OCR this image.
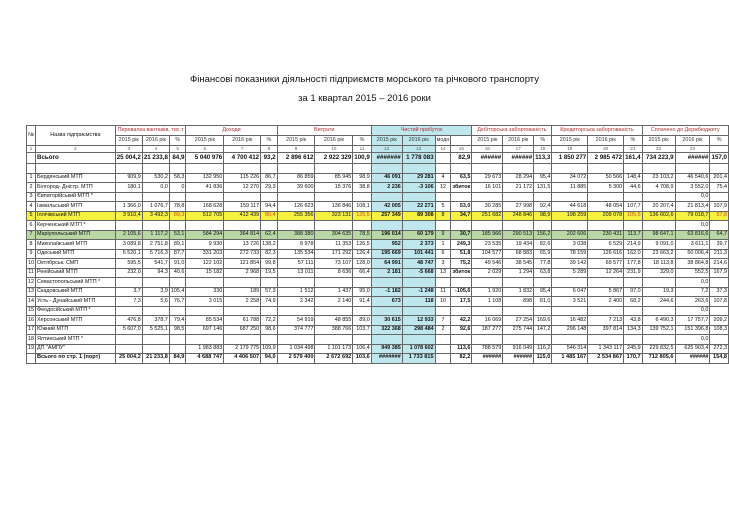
Фінансові показники діяльності підприємств морського та річкового транспорту
за 1 квартал 2015 – 2016 роки
№	Назва підприємства	Перевалка вантажів, тис.т			Доходи			Витрати			Чистий прибуток				Дебіторська заборгованість			Кредиторська заборгованість			Сплачено до Держбюджету		
		2015 рік	2016 рік	%	2015 рік	2016 рік	%	2015 рік	2016 рік	%	2015 рік	2016 рік	модн		2015 рік	2016 рік	%	2015 рік	2016 рік	%	2015 рік	2016 рік	%
1	2	3	4	5	6	7	8	9	10	11	12	13	14	15	16	17	18	19	20	21	22	23	
	Всього	25 004,2	21 233,8	84,9	5 040 976	4 700 412	93,2	2 896 612	2 922 329	100,9	#######	1 778 083		82,9	######	######	113,3	1 850 277	2 985 472	161,4	734 223,9	######	157,0

1	Бердянський МТП	909,9	530,2	58,3	132 950	115 226	86,7	86 859	85 945	98,9	46 091	29 281	4	63,5	29 673	28 294	95,4	34 072	50 566	148,4	23 103,2	46 540,6	201,4
2	Білгород- Дністр. МТП	180,1	0,0	0	41 836	12 270	29,3	39 600	15 376	38,8	2 236	-3 106	12	збиток	16 101	21 172	131,5	11 885	5 300	44,6	4 708,9	3 552,0	75,4
3	Євпаторійський МТП *																					0,0	
4	Ізмаїльський МТП	1 366,0	1 076,7	78,8	168 628	159 117	94,4	126 623	136 846	108,1	42 005	22 271	5	53,0	30 285	27 998	92,4	44 618	48 054	107,7	20 207,4	21 813,4	107,9
5	Іллічівський МТП	3 910,4	3 492,3	89,3	512 705	412 439	80,4	255 356	323 131	126,5	257 349	89 308	8	34,7	251 682	248 846	98,9	198 259	209 078	105,5	136 602,6	79 018,7	57,8
6	Керченський МТП *																					0,0	
7	Маріупольський МТП	2 105,6	1 117,2	53,1	584 294	364 814	62,4	388 380	304 635	78,5	196 014	60 179	9	30,7	185 966	290 513	156,2	202 606	230 431	113,7	98 647,1	63 816,6	64,7
8	Миколаївський МТП	3 089,8	2 751,8	89,1	9 930	13 726	138,2	8 978	11 353	126,5	952	2 373	1	249,3	23 535	19 434	82,6	3 038	6 529	214,9	9 091,0	3 611,1	39,7
9	Одеський МТП	6 520,1	5 716,3	87,7	331 203	272 733	82,3	135 534	171 292	126,4	195 669	101 441	6	51,8	104 577	68 883	65,9	78 159	126 616	162,0	23 663,2	50 006,4	211,3
10	Октябрськ. СМП	595,5	541,7	91,0	122 102	121 854	99,8	57 111	73 107	128,0	64 991	48 747	3	75,2	49 546	38 545	77,8	39 142	69 577	177,8	18 113,8	38 864,8	214,6
11	Ренійський МТП	232,0	94,3	40,6	15 182	2 968	19,5	13 011	8 636	66,4	2 181	-5 668	13	збиток	2 029	1 294	63,8	5 289	12 264	231,9	329,0	552,5	167,9
12	Севастопольський МТП *																					0,0	
13	Скадовський МТП	3,7	3,9	105,4	330	189	57,3	1 512	1 437	95,0	-1 182	-1 248	11	-105,6	1 920	1 832	95,4	6 047	5 867	97,0	19,3	7,2	37,3
14	Усть - Дунайський МТП	7,3	5,6	76,7	3 015	2 258	74,9	2 342	2 140	91,4	673	118	10	17,5	1 108	898	81,0	3 521	2 400	68,2	244,6	263,6	107,8
15	Феодосійський МТП *																					0,0	
16	Херсонський МТП	476,8	378,7	79,4	85 534	61 788	72,2	54 919	48 855	89,0	30 615	12 933	7	42,2	16 069	27 254	169,6	16 482	7 213	43,8	6 490,3	17 757,7	209,2
17	Южний МТП	5 607,0	5 525,1	98,5	697 146	687 250	98,6	374 777	388 766	103,7	322 368	298 484	2	92,6	187 277	275 744	147,2	296 148	397 814	134,3	139 752,1	151 396,8	108,3
18	Ялтинський МТП *																					0,0	
19	ДП "АМПУ"				1 983 883	2 179 775	109,9	1 034 498	1 101 173	106,4	949 385	1 078 602		113,6	788 579	916 049	116,2	546 314	1 343 117	245,9	229 832,5	625 903,4	272,3
	Всього по стр. 1 (порт)	25 004,2	21 233,8	84,9	4 688 747	4 406 507	94,0	2 579 400	2 672 692	103,6	#######	1 733 815		82,2	######	######	115,0	1 485 167	2 534 867	170,7	712 805,6	######	154,8
